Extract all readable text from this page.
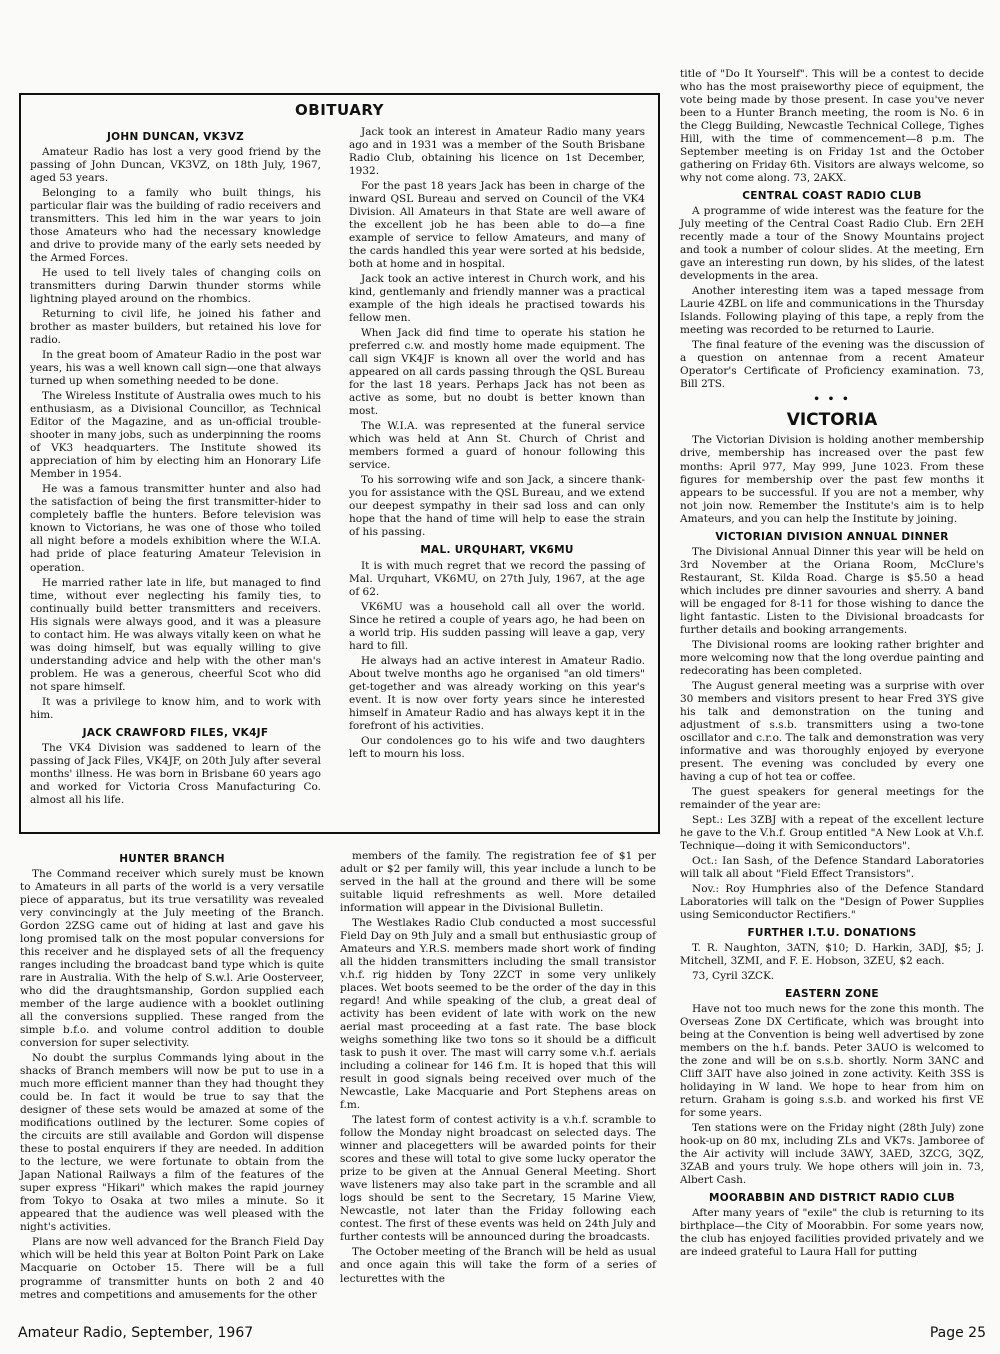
OBITUARY
JOHN DUNCAN, VK3VZ

Amateur Radio has lost a very good friend by the passing of John Duncan, VK3VZ, on 18th July, 1967, aged 53 years.

Belonging to a family who built things, his particular flair was the building of radio receivers and transmitters. This led him in the war years to join those Amateurs who had the necessary knowledge and drive to provide many of the early sets needed by the Armed Forces.

He used to tell lively tales of changing coils on transmitters during Darwin thunder storms while lightning played around on the rhombics.

Returning to civil life, he joined his father and brother as master builders, but retained his love for radio.

In the great boom of Amateur Radio in the post war years, his was a well known call sign—one that always turned up when something needed to be done.

The Wireless Institute of Australia owes much to his enthusiasm, as a Divisional Councillor, as Technical Editor of the Magazine, and as un-official trouble-shooter in many jobs, such as underpinning the rooms of VK3 headquarters. The Institute showed its appreciation of him by electing him an Honorary Life Member in 1954.

He was a famous transmitter hunter and also had the satisfaction of being the first transmitter-hider to completely baffle the hunters. Before television was known to Victorians, he was one of those who toiled all night before a models exhibition where the W.I.A. had pride of place featuring Amateur Television in operation.

He married rather late in life, but managed to find time, without ever neglecting his family ties, to continually build better transmitters and receivers. His signals were always good, and it was a pleasure to contact him. He was always vitally keen on what he was doing himself, but was equally willing to give understanding advice and help with the other man's problem. He was a generous, cheerful Scot who did not spare himself.

It was a privilege to know him, and to work with him.

JACK CRAWFORD FILES, VK4JF

The VK4 Division was saddened to learn of the passing of Jack Files, VK4JF, on 20th July after several months' illness. He was born in Brisbane 60 years ago and worked for Victoria Cross Manufacturing Co. almost all his life.

Jack took an interest in Amateur Radio many years ago and in 1931 was a member of the South Brisbane Radio Club, obtaining his licence on 1st December, 1932.

For the past 18 years Jack has been in charge of the inward QSL Bureau and served on Council of the VK4 Division. All Amateurs in that State are well aware of the excellent job he has been able to do—a fine example of service to fellow Amateurs, and many of the cards handled this year were sorted at his bedside, both at home and in hospital.

Jack took an active interest in Church work, and his kind, gentlemanly and friendly manner was a practical example of the high ideals he practised towards his fellow men.

When Jack did find time to operate his station he preferred c.w. and mostly home made equipment. The call sign VK4JF is known all over the world and has appeared on all cards passing through the QSL Bureau for the last 18 years. Perhaps Jack has not been as active as some, but no doubt is better known than most.

The W.I.A. was represented at the funeral service which was held at Ann St. Church of Christ and members formed a guard of honour following this service.

To his sorrowing wife and son Jack, a sincere thank-you for assistance with the QSL Bureau, and we extend our deepest sympathy in their sad loss and can only hope that the hand of time will help to ease the strain of his passing.

MAL. URQUHART, VK6MU

It is with much regret that we record the passing of Mal. Urquhart, VK6MU, on 27th July, 1967, at the age of 62.

VK6MU was a household call all over the world. Since he retired a couple of years ago, he had been on a world trip. His sudden passing will leave a gap, very hard to fill.

He always had an active interest in Amateur Radio. About twelve months ago he organised "an old timers" get-together and was already working on this year's event. It is now over forty years since he interested himself in Amateur Radio and has always kept it in the forefront of his activities.

Our condolences go to his wife and two daughters left to mourn his loss.

HUNTER BRANCH

The Command receiver which surely must be known to Amateurs in all parts of the world is a very versatile piece of apparatus, but its true versatility was revealed very convincingly at the July meeting of the Branch. Gordon 2ZSG came out of hiding at last and gave his long promised talk on the most popular conversions for this receiver and he displayed sets of all the frequency ranges including the broadcast band type which is quite rare in Australia. With the help of S.w.l. Arie Oosterveer, who did the draughtsmanship, Gordon supplied each member of the large audience with a booklet outlining all the conversions supplied. These ranged from the simple b.f.o. and volume control addition to double conversion for super selectivity.

No doubt the surplus Commands lying about in the shacks of Branch members will now be put to use in a much more efficient manner than they had thought they could be. In fact it would be true to say that the designer of these sets would be amazed at some of the modifications outlined by the lecturer. Some copies of the circuits are still available and Gordon will dispense these to postal enquirers if they are needed. In addition to the lecture, we were fortunate to obtain from the Japan National Railways a film of the features of the super express "Hikari" which makes the rapid journey from Tokyo to Osaka at two miles a minute. So it appeared that the audience was well pleased with the night's activities.

Plans are now well advanced for the Branch Field Day which will be held this year at Bolton Point Park on Lake Macquarie on October 15. There will be a full programme of transmitter hunts on both 2 and 40 metres and competitions and amusements for the other

members of the family. The registration fee of $1 per adult or $2 per family will, this year include a lunch to be served in the hall at the ground and there will be some suitable liquid refreshments as well. More detailed information will appear in the Divisional Bulletin.

The Westlakes Radio Club conducted a most successful Field Day on 9th July and a small but enthusiastic group of Amateurs and Y.R.S. members made short work of finding all the hidden transmitters including the small transistor v.h.f. rig hidden by Tony 2ZCT in some very unlikely places. Wet boots seemed to be the order of the day in this regard! And while speaking of the club, a great deal of activity has been evident of late with work on the new aerial mast proceeding at a fast rate. The base block weighs something like two tons so it should be a difficult task to push it over. The mast will carry some v.h.f. aerials including a colinear for 146 f.m. It is hoped that this will result in good signals being received over much of the Newcastle, Lake Macquarie and Port Stephens areas on f.m.

The latest form of contest activity is a v.h.f. scramble to follow the Monday night broadcast on selected days. The winner and placegetters will be awarded points for their scores and these will total to give some lucky operator the prize to be given at the Annual General Meeting. Short wave listeners may also take part in the scramble and all logs should be sent to the Secretary, 15 Marine View, Newcastle, not later than the Friday following each contest. The first of these events was held on 24th July and further contests will be announced during the broadcasts.

The October meeting of the Branch will be held as usual and once again this will take the form of a series of lecturettes with the

title of "Do It Yourself". This will be a contest to decide who has the most praiseworthy piece of equipment, the vote being made by those present. In case you've never been to a Hunter Branch meeting, the room is No. 6 in the Clegg Building, Newcastle Technical College, Tighes Hill, with the time of commencement—8 p.m. The September meeting is on Friday 1st and the October gathering on Friday 6th. Visitors are always welcome, so why not come along. 73, 2AKX.

CENTRAL COAST RADIO CLUB

A programme of wide interest was the feature for the July meeting of the Central Coast Radio Club. Ern 2EH recently made a tour of the Snowy Mountains project and took a number of colour slides. At the meeting, Ern gave an interesting run down, by his slides, of the latest developments in the area.

Another interesting item was a taped message from Laurie 4ZBL on life and communications in the Thursday Islands. Following playing of this tape, a reply from the meeting was recorded to be returned to Laurie.

The final feature of the evening was the discussion of a question on antennae from a recent Amateur Operator's Certificate of Proficiency examination. 73, Bill 2TS.

• • •
VICTORIA

The Victorian Division is holding another membership drive, membership has increased over the past few months: April 977, May 999, June 1023. From these figures for membership over the past few months it appears to be successful. If you are not a member, why not join now. Remember the Institute's aim is to help Amateurs, and you can help the Institute by joining.

VICTORIAN DIVISION ANNUAL DINNER

The Divisional Annual Dinner this year will be held on 3rd November at the Oriana Room, McClure's Restaurant, St. Kilda Road. Charge is $5.50 a head which includes pre dinner savouries and sherry. A band will be engaged for 8-11 for those wishing to dance the light fantastic. Listen to the Divisional broadcasts for further details and booking arrangements.

The Divisional rooms are looking rather brighter and more welcoming now that the long overdue painting and redecorating has been completed.

The August general meeting was a surprise with over 30 members and visitors present to hear Fred 3YS give his talk and demonstration on the tuning and adjustment of s.s.b. transmitters using a two-tone oscillator and c.r.o. The talk and demonstration was very informative and was thoroughly enjoyed by everyone present. The evening was concluded by every one having a cup of hot tea or coffee.

The guest speakers for general meetings for the remainder of the year are:

Sept.: Les 3ZBJ with a repeat of the excellent lecture he gave to the V.h.f. Group entitled "A New Look at V.h.f. Technique—doing it with Semiconductors".

Oct.: Ian Sash, of the Defence Standard Laboratories will talk all about "Field Effect Transistors".

Nov.: Roy Humphries also of the Defence Standard Laboratories will talk on the "Design of Power Supplies using Semiconductor Rectifiers."

FURTHER I.T.U. DONATIONS

T. R. Naughton, 3ATN, $10; D. Harkin, 3ADJ, $5; J. Mitchell, 3ZMI, and F. E. Hobson, 3ZEU, $2 each.

73, Cyril 3ZCK.

EASTERN ZONE

Have not too much news for the zone this month. The Overseas Zone DX Certificate, which was brought into being at the Convention is being well advertised by zone members on the h.f. bands. Peter 3AUO is welcomed to the zone and will be on s.s.b. shortly. Norm 3ANC and Cliff 3AIT have also joined in zone activity. Keith 3SS is holidaying in W land. We hope to hear from him on return. Graham is going s.s.b. and worked his first VE for some years.

Ten stations were on the Friday night (28th July) zone hook-up on 80 mx, including ZLs and VK7s. Jamboree of the Air activity will include 3AWY, 3AED, 3ZCG, 3QZ, 3ZAB and yours truly. We hope others will join in. 73, Albert Cash.

MOORABBIN AND DISTRICT RADIO CLUB

After many years of "exile" the club is returning to its birthplace—the City of Moorabbin. For some years now, the club has enjoyed facilities provided privately and we are indeed grateful to Laura Hall for putting

Amateur Radio, September, 1967	Page 25
